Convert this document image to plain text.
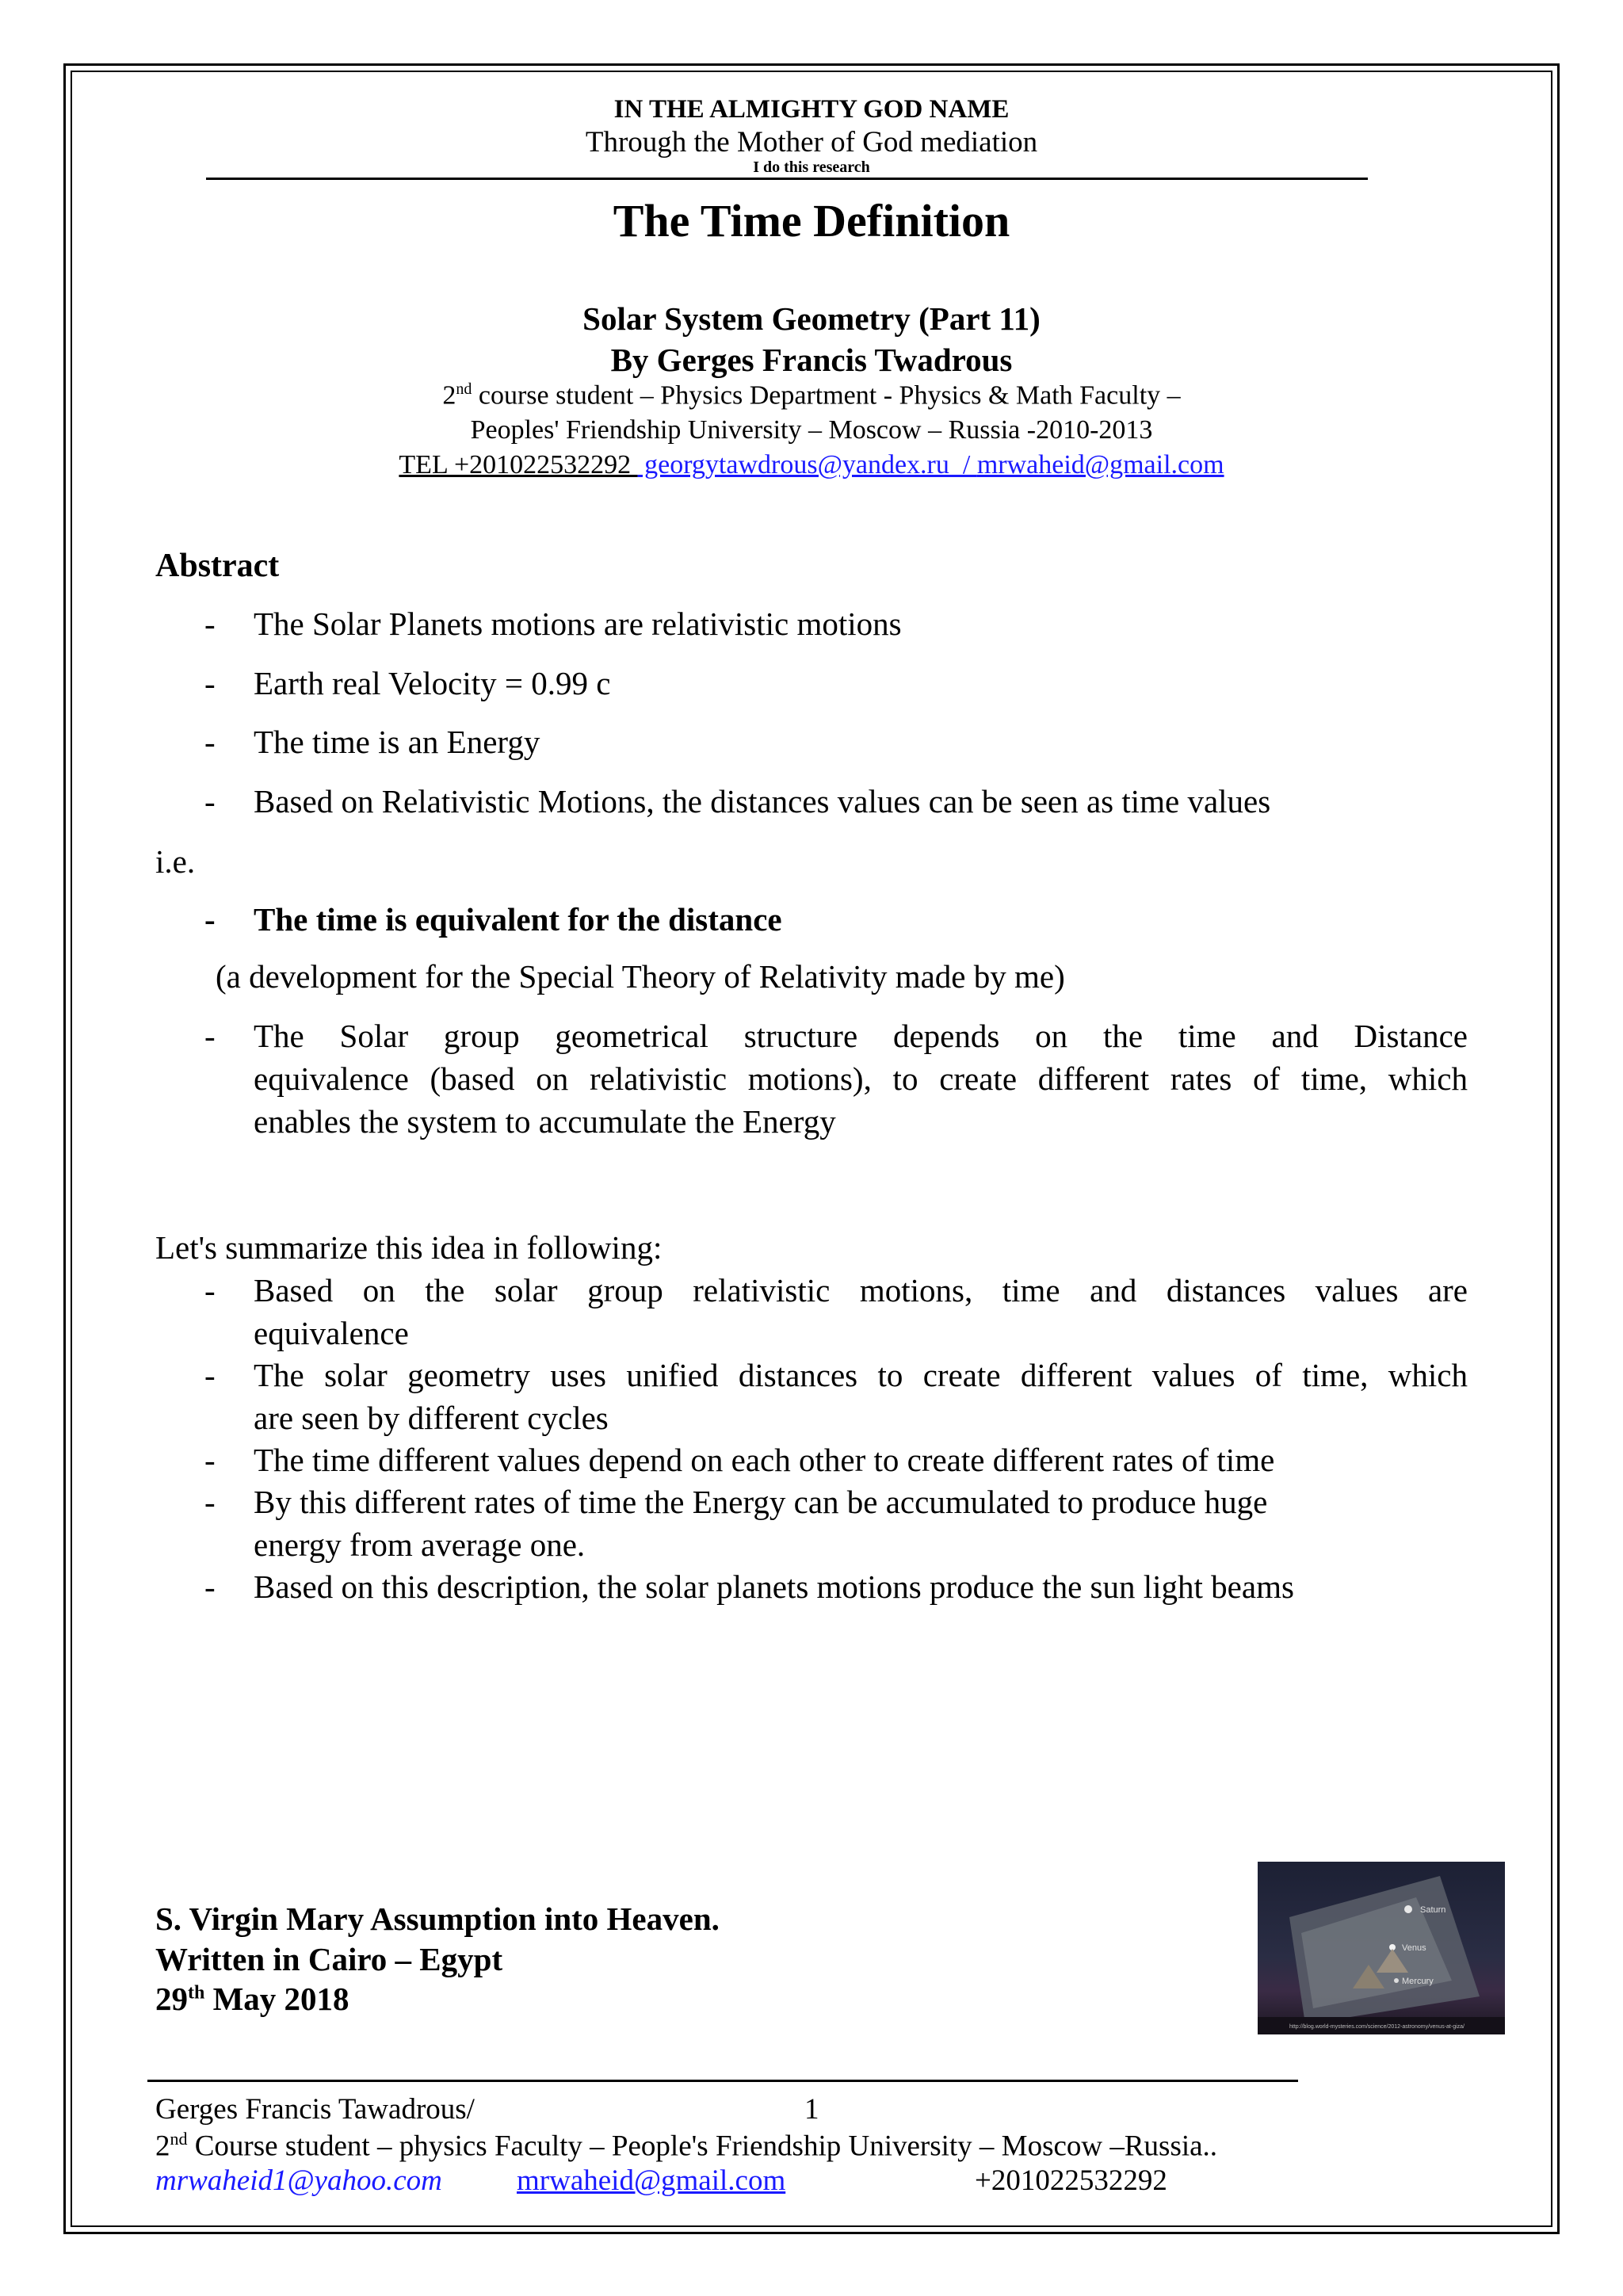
IN THE ALMIGHTY GOD NAME
Through the Mother of God mediation
I do this research
The Time Definition
Solar System Geometry (Part 11)
By Gerges Francis Twadrous
2nd course student – Physics Department - Physics & Math Faculty –
Peoples' Friendship University – Moscow – Russia -2010-2013
TEL +201022532292  georgytawdrous@yandex.ru  / mrwaheid@gmail.com
Abstract
- The Solar Planets motions are relativistic motions
- Earth real Velocity = 0.99 c
- The time is an Energy
- Based on Relativistic Motions, the distances values can be seen as time values
i.e.
- The time is equivalent for the distance
(a development for the Special Theory of Relativity made by me)
- The Solar group geometrical structure depends on the time and Distance
equivalence (based on relativistic motions), to create different rates of time, which
enables the system to accumulate the Energy
Let's summarize this idea in following:
- Based on the solar group relativistic motions, time and distances values are
equivalence
- The solar geometry uses unified distances to create different values of time, which
are seen by different cycles
- The time different values depend on each other to create different rates of time
- By this different rates of time the Energy can be accumulated to produce huge
energy from average one.
- Based on this description, the solar planets motions produce the sun light beams
S. Virgin Mary Assumption into Heaven.
Written in Cairo – Egypt
29th May 2018
Saturn
Venus
Mercury
http://blog.world-mysteries.com/science/2012-astronomy/venus-at-giza/
Gerges Francis Tawadrous/	1
2nd Course student – physics Faculty – People's Friendship University – Moscow –Russia..
mrwaheid1@yahoo.com	mrwaheid@gmail.com	+201022532292
